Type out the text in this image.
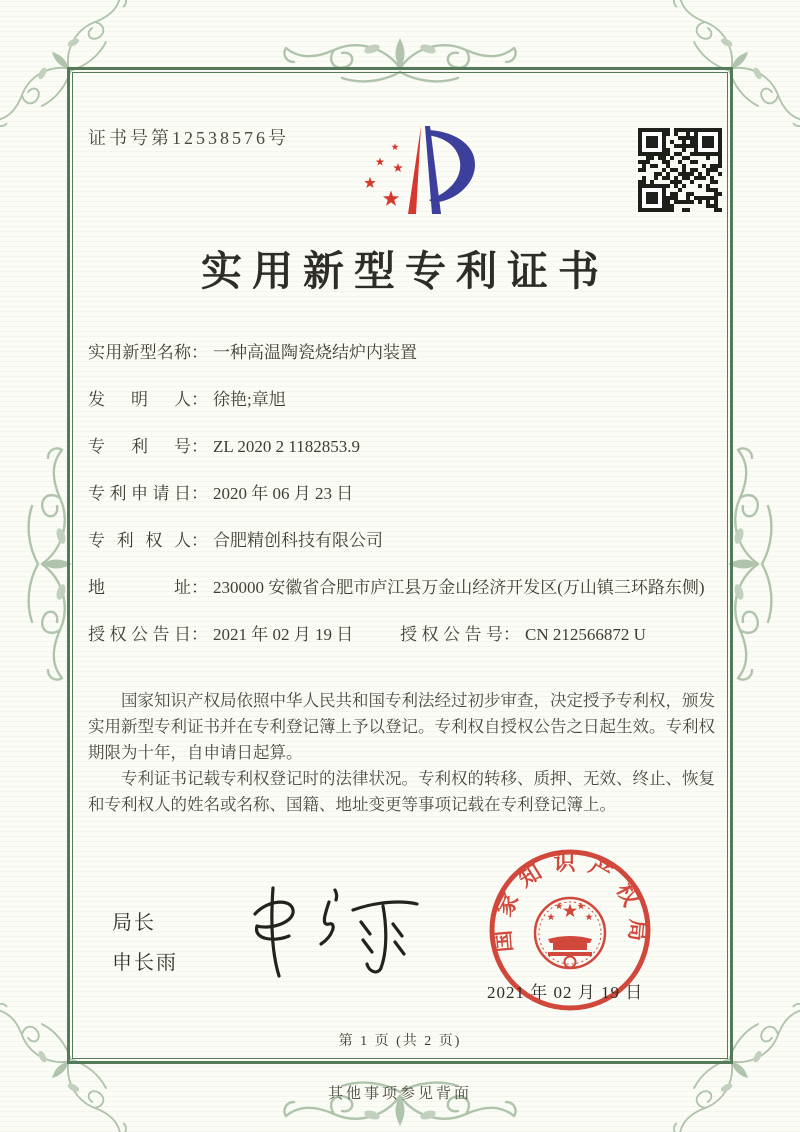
证书号第12538576号
实用新型专利证书
实用新型名称 ： 一种高温陶瓷烧结炉内装置
发明人 ： 徐艳;章旭
专利号 ： ZL 2020 2 1182853.9
专利申请日 ： 2020 年 06 月 23 日
专利权人 ： 合肥精创科技有限公司
地址 ： 230000 安徽省合肥市庐江县万金山经济开发区(万山镇三环路东侧)
授权公告日 ： 2021 年 02 月 19 日	授权公告号 ： CN 212566872 U

国家知识产权局依照中华人民共和国专利法经过初步审查，决定授予专利权，颁发实用新型专利证书并在专利登记簿上予以登记。专利权自授权公告之日起生效。专利权期限为十年，自申请日起算。

专利证书记载专利权登记时的法律状况。专利权的转移、质押、无效、终止、恢复和专利权人的姓名或名称、国籍、地址变更等事项记载在专利登记簿上。

局长
申长雨
国家知识产权局
2021 年 02 月 19 日
第 1 页 (共 2 页)
其他事项参见背面
